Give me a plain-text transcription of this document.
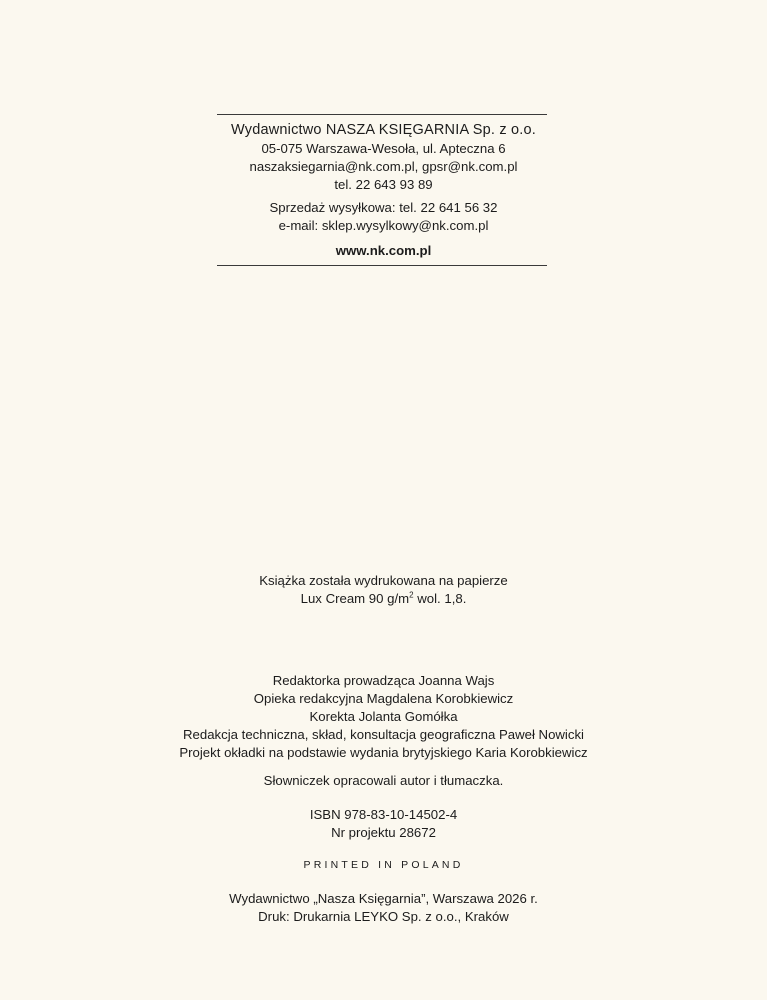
Wydawnictwo NASZA KSIĘGARNIA Sp. z o.o.
05-075 Warszawa-Wesoła, ul. Apteczna 6
naszaksiegarnia@nk.com.pl, gpsr@nk.com.pl
tel. 22 643 93 89
Sprzedaż wysyłkowa: tel. 22 641 56 32
e-mail: sklep.wysylkowy@nk.com.pl
www.nk.com.pl
Książka została wydrukowana na papierze
Lux Cream 90 $g/m^2$ wol. 1,8.
Redaktorka prowadząca Joanna Wajs
Opieka redakcyjna Magdalena Korobkiewicz
Korekta Jolanta Gomółka
Redakcja techniczna, skład, konsultacja geograficzna Paweł Nowicki
Projekt okładki na podstawie wydania brytyjskiego Karia Korobkiewicz
Słowniczek opracowali autor i tłumaczka.
ISBN 978-83-10-14502-4
Nr projektu 28672
PRINTED IN POLAND
Wydawnictwo „Nasza Księgarnia”, Warszawa 2026 r.
Druk: Drukarnia LEYKO Sp. z o.o., Kraków
